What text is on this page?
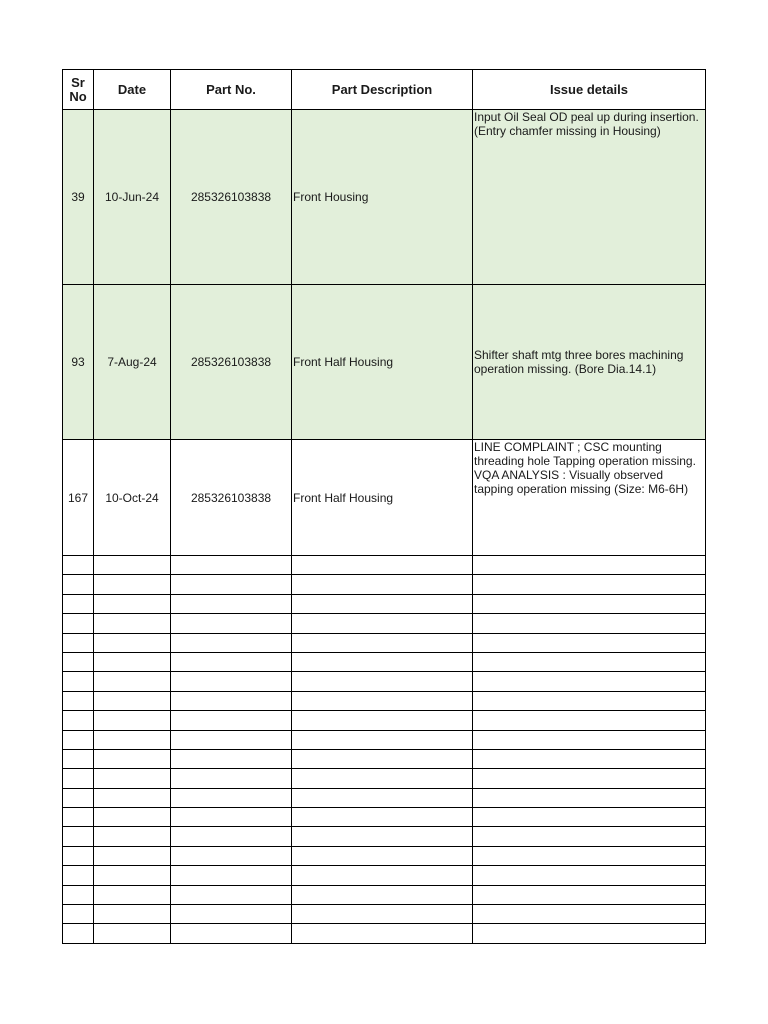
Sr No	Date	Part No.	Part Description	Issue details
39	10-Jun-24	285326103838	Front Housing	Input Oil Seal OD peal up during insertion. (Entry chamfer missing in Housing)
93	7-Aug-24	285326103838	Front Half Housing	Shifter shaft mtg three bores machining operation missing. (Bore Dia.14.1)
167	10-Oct-24	285326103838	Front Half Housing	LINE COMPLAINT ; CSC mounting threading hole Tapping operation missing.
VQA ANALYSIS : Visually observed tapping operation missing (Size: M6-6H)
